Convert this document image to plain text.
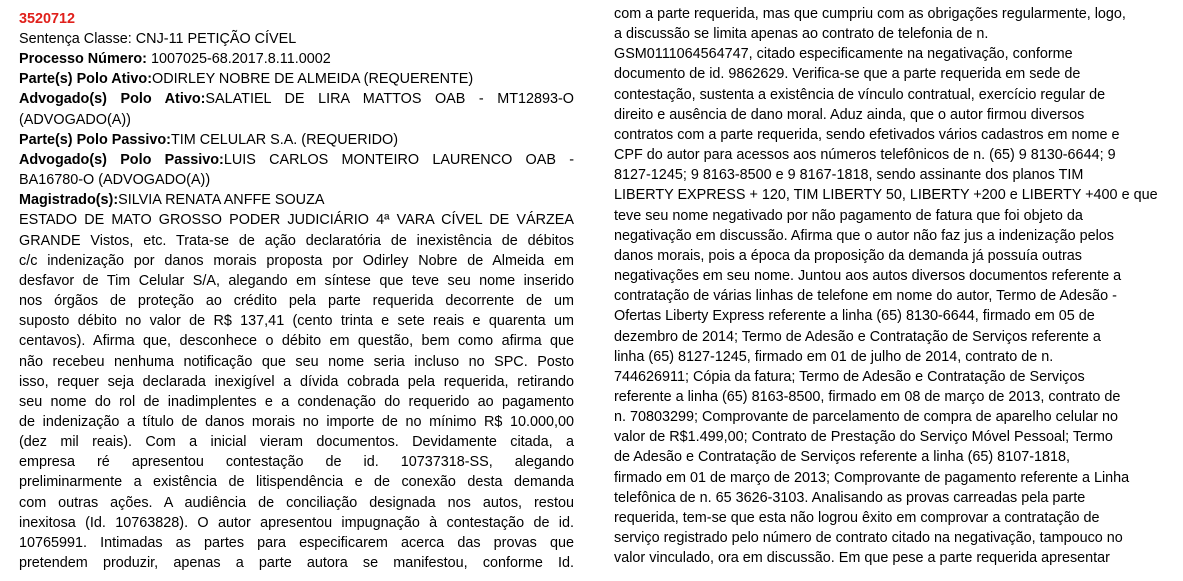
3520712
Sentença Classe: CNJ-11 PETIÇÃO CÍVEL
Processo Número: 1007025-68.2017.8.11.0002
Parte(s) Polo Ativo:ODIRLEY NOBRE DE ALMEIDA (REQUERENTE)
Advogado(s) Polo Ativo:SALATIEL DE LIRA MATTOS OAB - MT12893-O
(ADVOGADO(A))
Parte(s) Polo Passivo:TIM CELULAR S.A. (REQUERIDO)
Advogado(s) Polo Passivo:LUIS CARLOS MONTEIRO LAURENCO OAB -
BA16780-O (ADVOGADO(A))
Magistrado(s):SILVIA RENATA ANFFE SOUZA
ESTADO DE MATO GROSSO PODER JUDICIÁRIO 4ª VARA CÍVEL DE VÁRZEA
GRANDE Vistos, etc. Trata-se de ação declaratória de inexistência de débitos
c/c indenização por danos morais proposta por Odirley Nobre de Almeida em
desfavor de Tim Celular S/A, alegando em síntese que teve seu nome inserido
nos órgãos de proteção ao crédito pela parte requerida decorrente de um
suposto débito no valor de R$ 137,41 (cento trinta e sete reais e quarenta um
centavos). Afirma que, desconhece o débito em questão, bem como afirma que
não recebeu nenhuma notificação que seu nome seria incluso no SPC. Posto
isso, requer seja declarada inexigível a dívida cobrada pela requerida, retirando
seu nome do rol de inadimplentes e a condenação do requerido ao pagamento
de indenização a título de danos morais no importe de no mínimo R$ 10.000,00
(dez mil reais). Com a inicial vieram documentos. Devidamente citada, a
empresa ré apresentou contestação de id. 10737318-SS, alegando
preliminarmente a existência de litispendência e de conexão desta demanda
com outras ações. A audiência de conciliação designada nos autos, restou
inexitosa (Id. 10763828). O autor apresentou impugnação à contestação de id.
10765991. Intimadas as partes para especificarem acerca das provas que
pretendem produzir, apenas a parte autora se manifestou, conforme Id.
com a parte requerida, mas que cumpriu com as obrigações regularmente, logo,
a discussão se limita apenas ao contrato de telefonia de n.
GSM0111064564747, citado especificamente na negativação, conforme
documento de id. 9862629. Verifica-se que a parte requerida em sede de
contestação, sustenta a existência de vínculo contratual, exercício regular de
direito e ausência de dano moral. Aduz ainda, que o autor firmou diversos
contratos com a parte requerida, sendo efetivados vários cadastros em nome e
CPF do autor para acessos aos números telefônicos de n. (65) 9 8130-6644; 9
8127-1245; 9 8163-8500 e 9 8167-1818, sendo assinante dos planos TIM
LIBERTY EXPRESS + 120, TIM LIBERTY 50, LIBERTY +200 e LIBERTY +400 e que
teve seu nome negativado por não pagamento de fatura que foi objeto da
negativação em discussão. Afirma que o autor não faz jus a indenização pelos
danos morais, pois a época da proposição da demanda já possuía outras
negativações em seu nome. Juntou aos autos diversos documentos referente a
contratação de várias linhas de telefone em nome do autor, Termo de Adesão -
Ofertas Liberty Express referente a linha (65) 8130-6644, firmado em 05 de
dezembro de 2014; Termo de Adesão e Contratação de Serviços referente a
linha (65) 8127-1245, firmado em 01 de julho de 2014, contrato de n.
744626911; Cópia da fatura; Termo de Adesão e Contratação de Serviços
referente a linha (65) 8163-8500, firmado em 08 de março de 2013, contrato de
n. 70803299; Comprovante de parcelamento de compra de aparelho celular no
valor de R$1.499,00; Contrato de Prestação do Serviço Móvel Pessoal; Termo
de Adesão e Contratação de Serviços referente a linha (65) 8107-1818,
firmado em 01 de março de 2013; Comprovante de pagamento referente a Linha
telefônica de n. 65 3626-3103. Analisando as provas carreadas pela parte
requerida, tem-se que esta não logrou êxito em comprovar a contratação de
serviço registrado pelo número de contrato citado na negativação, tampouco no
valor vinculado, ora em discussão. Em que pese a parte requerida apresentar
